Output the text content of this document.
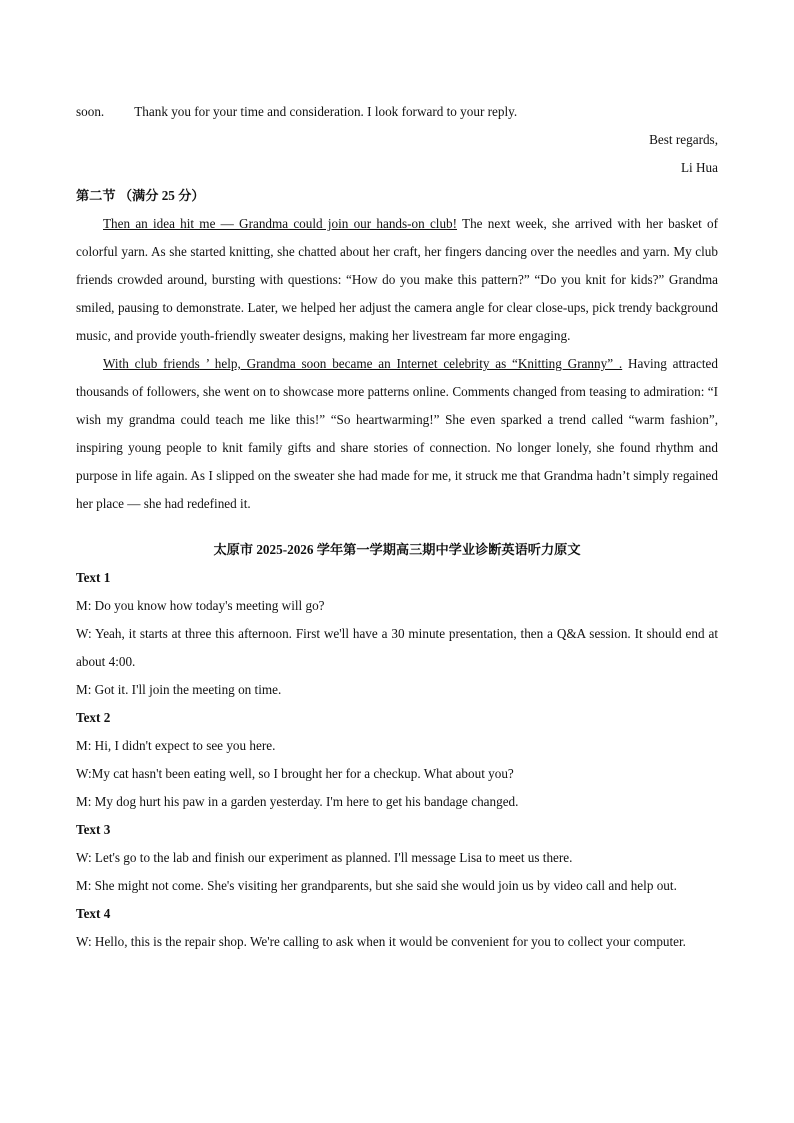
soon. Thank you for your time and consideration. I look forward to your reply.

Best regards,

Li Hua

第二节 （满分 25 分）

Then an idea hit me — Grandma could join our hands-on club! The next week, she arrived with her basket of colorful yarn. As she started knitting, she chatted about her craft, her fingers dancing over the needles and yarn. My club friends crowded around, bursting with questions: “How do you make this pattern?” “Do you knit for kids?” Grandma smiled, pausing to demonstrate. Later, we helped her adjust the camera angle for clear close-ups, pick trendy background music, and provide youth-friendly sweater designs, making her livestream far more engaging.

With club friends ’ help, Grandma soon became an Internet celebrity as “Knitting Granny” . Having attracted thousands of followers, she went on to showcase more patterns online. Comments changed from teasing to admiration: “I wish my grandma could teach me like this!” “So heartwarming!” She even sparked a trend called “warm fashion”, inspiring young people to knit family gifts and share stories of connection. No longer lonely, she found rhythm and purpose in life again. As I slipped on the sweater she had made for me, it struck me that Grandma hadn’t simply regained her place — she had redefined it.

太原市 2025-2026 学年第一学期高三期中学业诊断英语听力原文

Text 1

M: Do you know how today's meeting will go?

W: Yeah, it starts at three this afternoon. First we'll have a 30 minute presentation, then a Q&A session. It should end at about 4:00.

M: Got it. I'll join the meeting on time.

Text 2

M: Hi, I didn't expect to see you here.

W:My cat hasn't been eating well, so I brought her for a checkup. What about you?

M: My dog hurt his paw in a garden yesterday. I'm here to get his bandage changed.

Text 3

W: Let's go to the lab and finish our experiment as planned. I'll message Lisa to meet us there.

M: She might not come. She's visiting her grandparents, but she said she would join us by video call and help out.

Text 4

W: Hello, this is the repair shop. We're calling to ask when it would be convenient for you to collect your computer.
